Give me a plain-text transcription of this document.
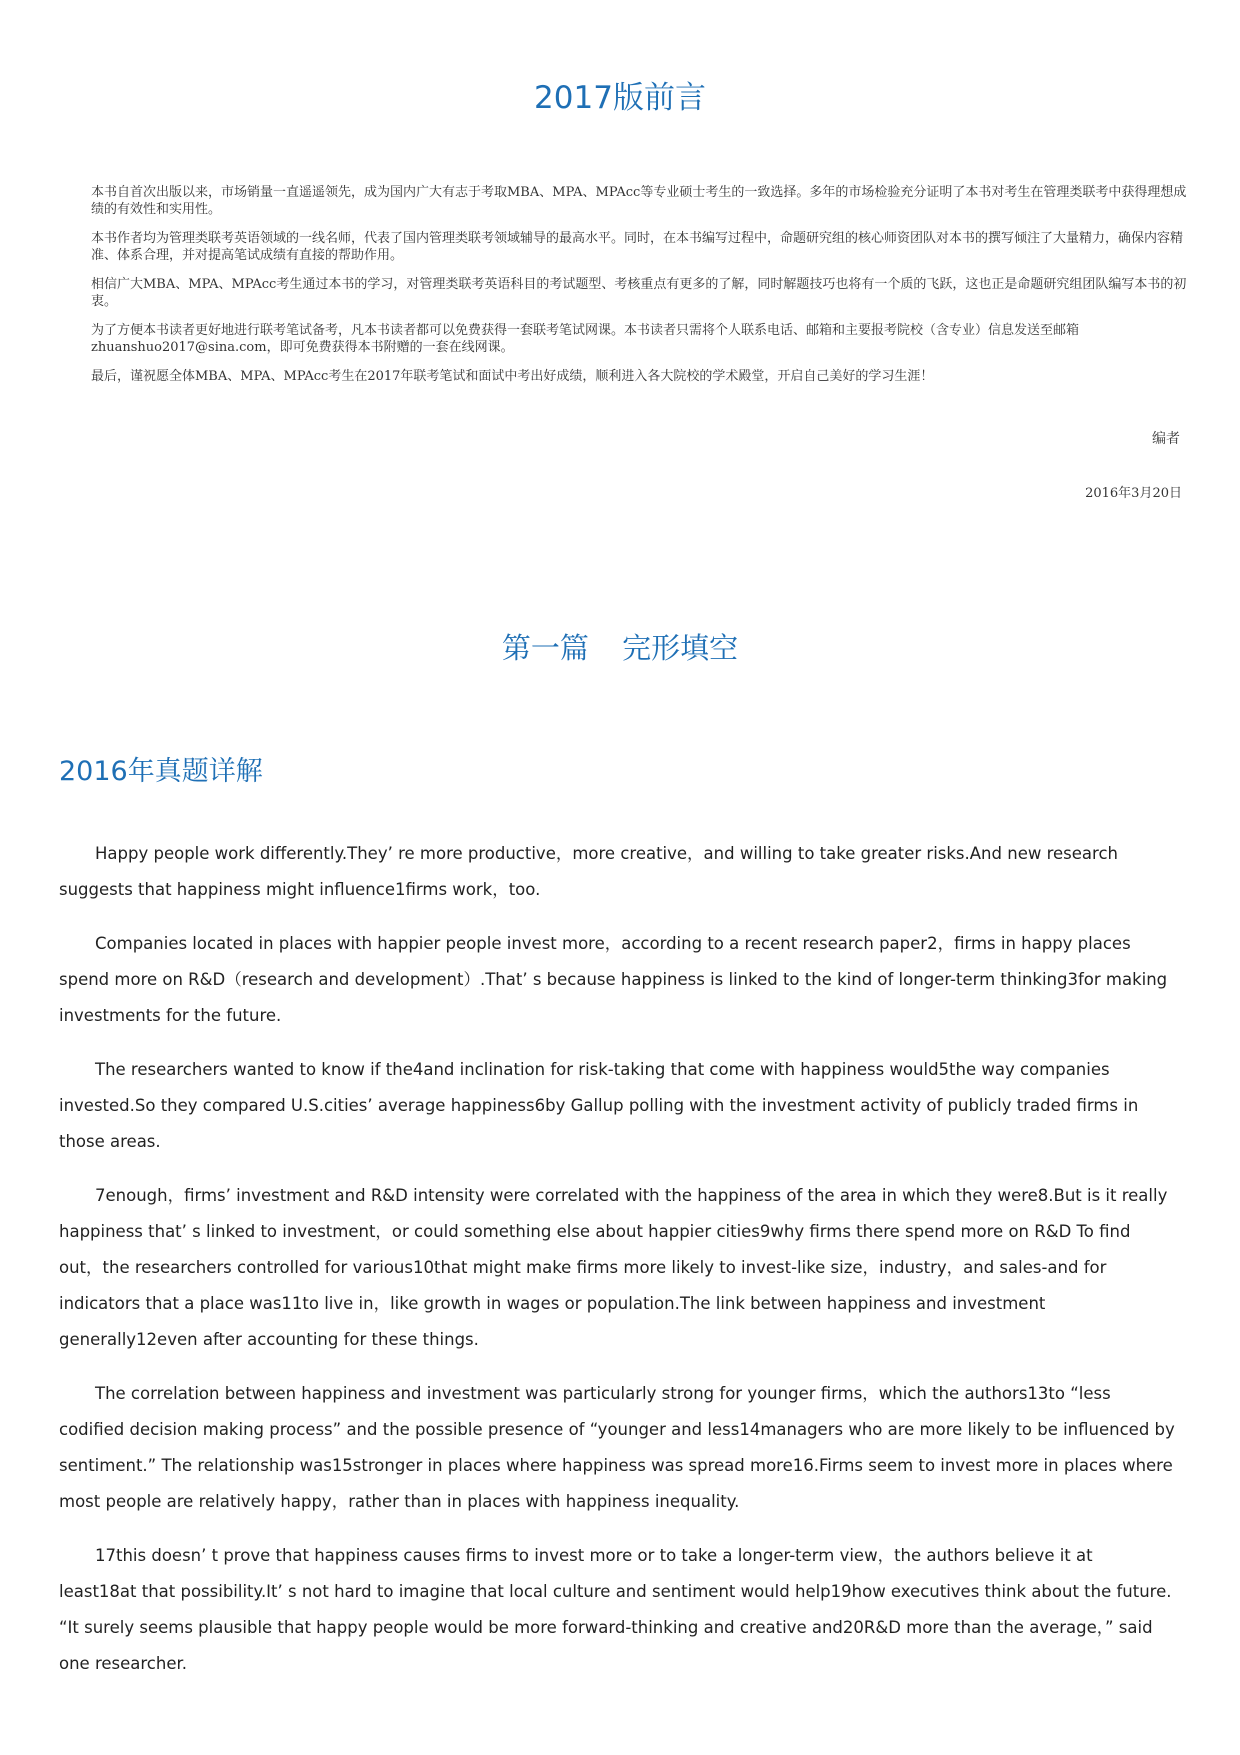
2017版前言

本书自首次出版以来，市场销量一直遥遥领先，成为国内广大有志于考取MBA、MPA、MPAcc等专业硕士考生的一致选择。多年的市场检验充分证明了本书对考生在管理类联考中获得理想成绩的有效性和实用性。

本书作者均为管理类联考英语领域的一线名师，代表了国内管理类联考领域辅导的最高水平。同时，在本书编写过程中，命题研究组的核心师资团队对本书的撰写倾注了大量精力，确保内容精准、体系合理，并对提高笔试成绩有直接的帮助作用。

相信广大MBA、MPA、MPAcc考生通过本书的学习，对管理类联考英语科目的考试题型、考核重点有更多的了解，同时解题技巧也将有一个质的飞跃，这也正是命题研究组团队编写本书的初衷。

为了方便本书读者更好地进行联考笔试备考，凡本书读者都可以免费获得一套联考笔试网课。本书读者只需将个人联系电话、邮箱和主要报考院校（含专业）信息发送至邮箱zhuanshuo2017@sina.com，即可免费获得本书附赠的一套在线网课。

最后，谨祝愿全体MBA、MPA、MPAcc考生在2017年联考笔试和面试中考出好成绩，顺利进入各大院校的学术殿堂，开启自己美好的学习生涯！

编者
2016年3月20日
第一篇 完形填空
2016年真题详解

Happy people work differently.They’ re more productive，more creative，and willing to take greater risks.And new research suggests that happiness might influence1firms work，too.

Companies located in places with happier people invest more，according to a recent research paper2，firms in happy places spend more on R&D（research and development）.That’ s because happiness is linked to the kind of longer-term thinking3for making investments for the future.

The researchers wanted to know if the4and inclination for risk-taking that come with happiness would5the way companies invested.So they compared U.S.cities’ average happiness6by Gallup polling with the investment activity of publicly traded firms in those areas.

7enough，firms’ investment and R&D intensity were correlated with the happiness of the area in which they were8.But is it really happiness that’ s linked to investment，or could something else about happier cities9why firms there spend more on R&D To find out，the researchers controlled for various10that might make firms more likely to invest-like size，industry，and sales-and for indicators that a place was11to live in，like growth in wages or population.The link between happiness and investment generally12even after accounting for these things.

The correlation between happiness and investment was particularly strong for younger firms，which the authors13to “less codified decision making process” and the possible presence of “younger and less14managers who are more likely to be influenced by sentiment.” The relationship was15stronger in places where happiness was spread more16.Firms seem to invest more in places where most people are relatively happy，rather than in places with happiness inequality.

17this doesn’ t prove that happiness causes firms to invest more or to take a longer-term view，the authors believe it at least18at that possibility.It’ s not hard to imagine that local culture and sentiment would help19how executives think about the future. “It surely seems plausible that happy people would be more forward-thinking and creative and20R&D more than the average，” said one researcher.
